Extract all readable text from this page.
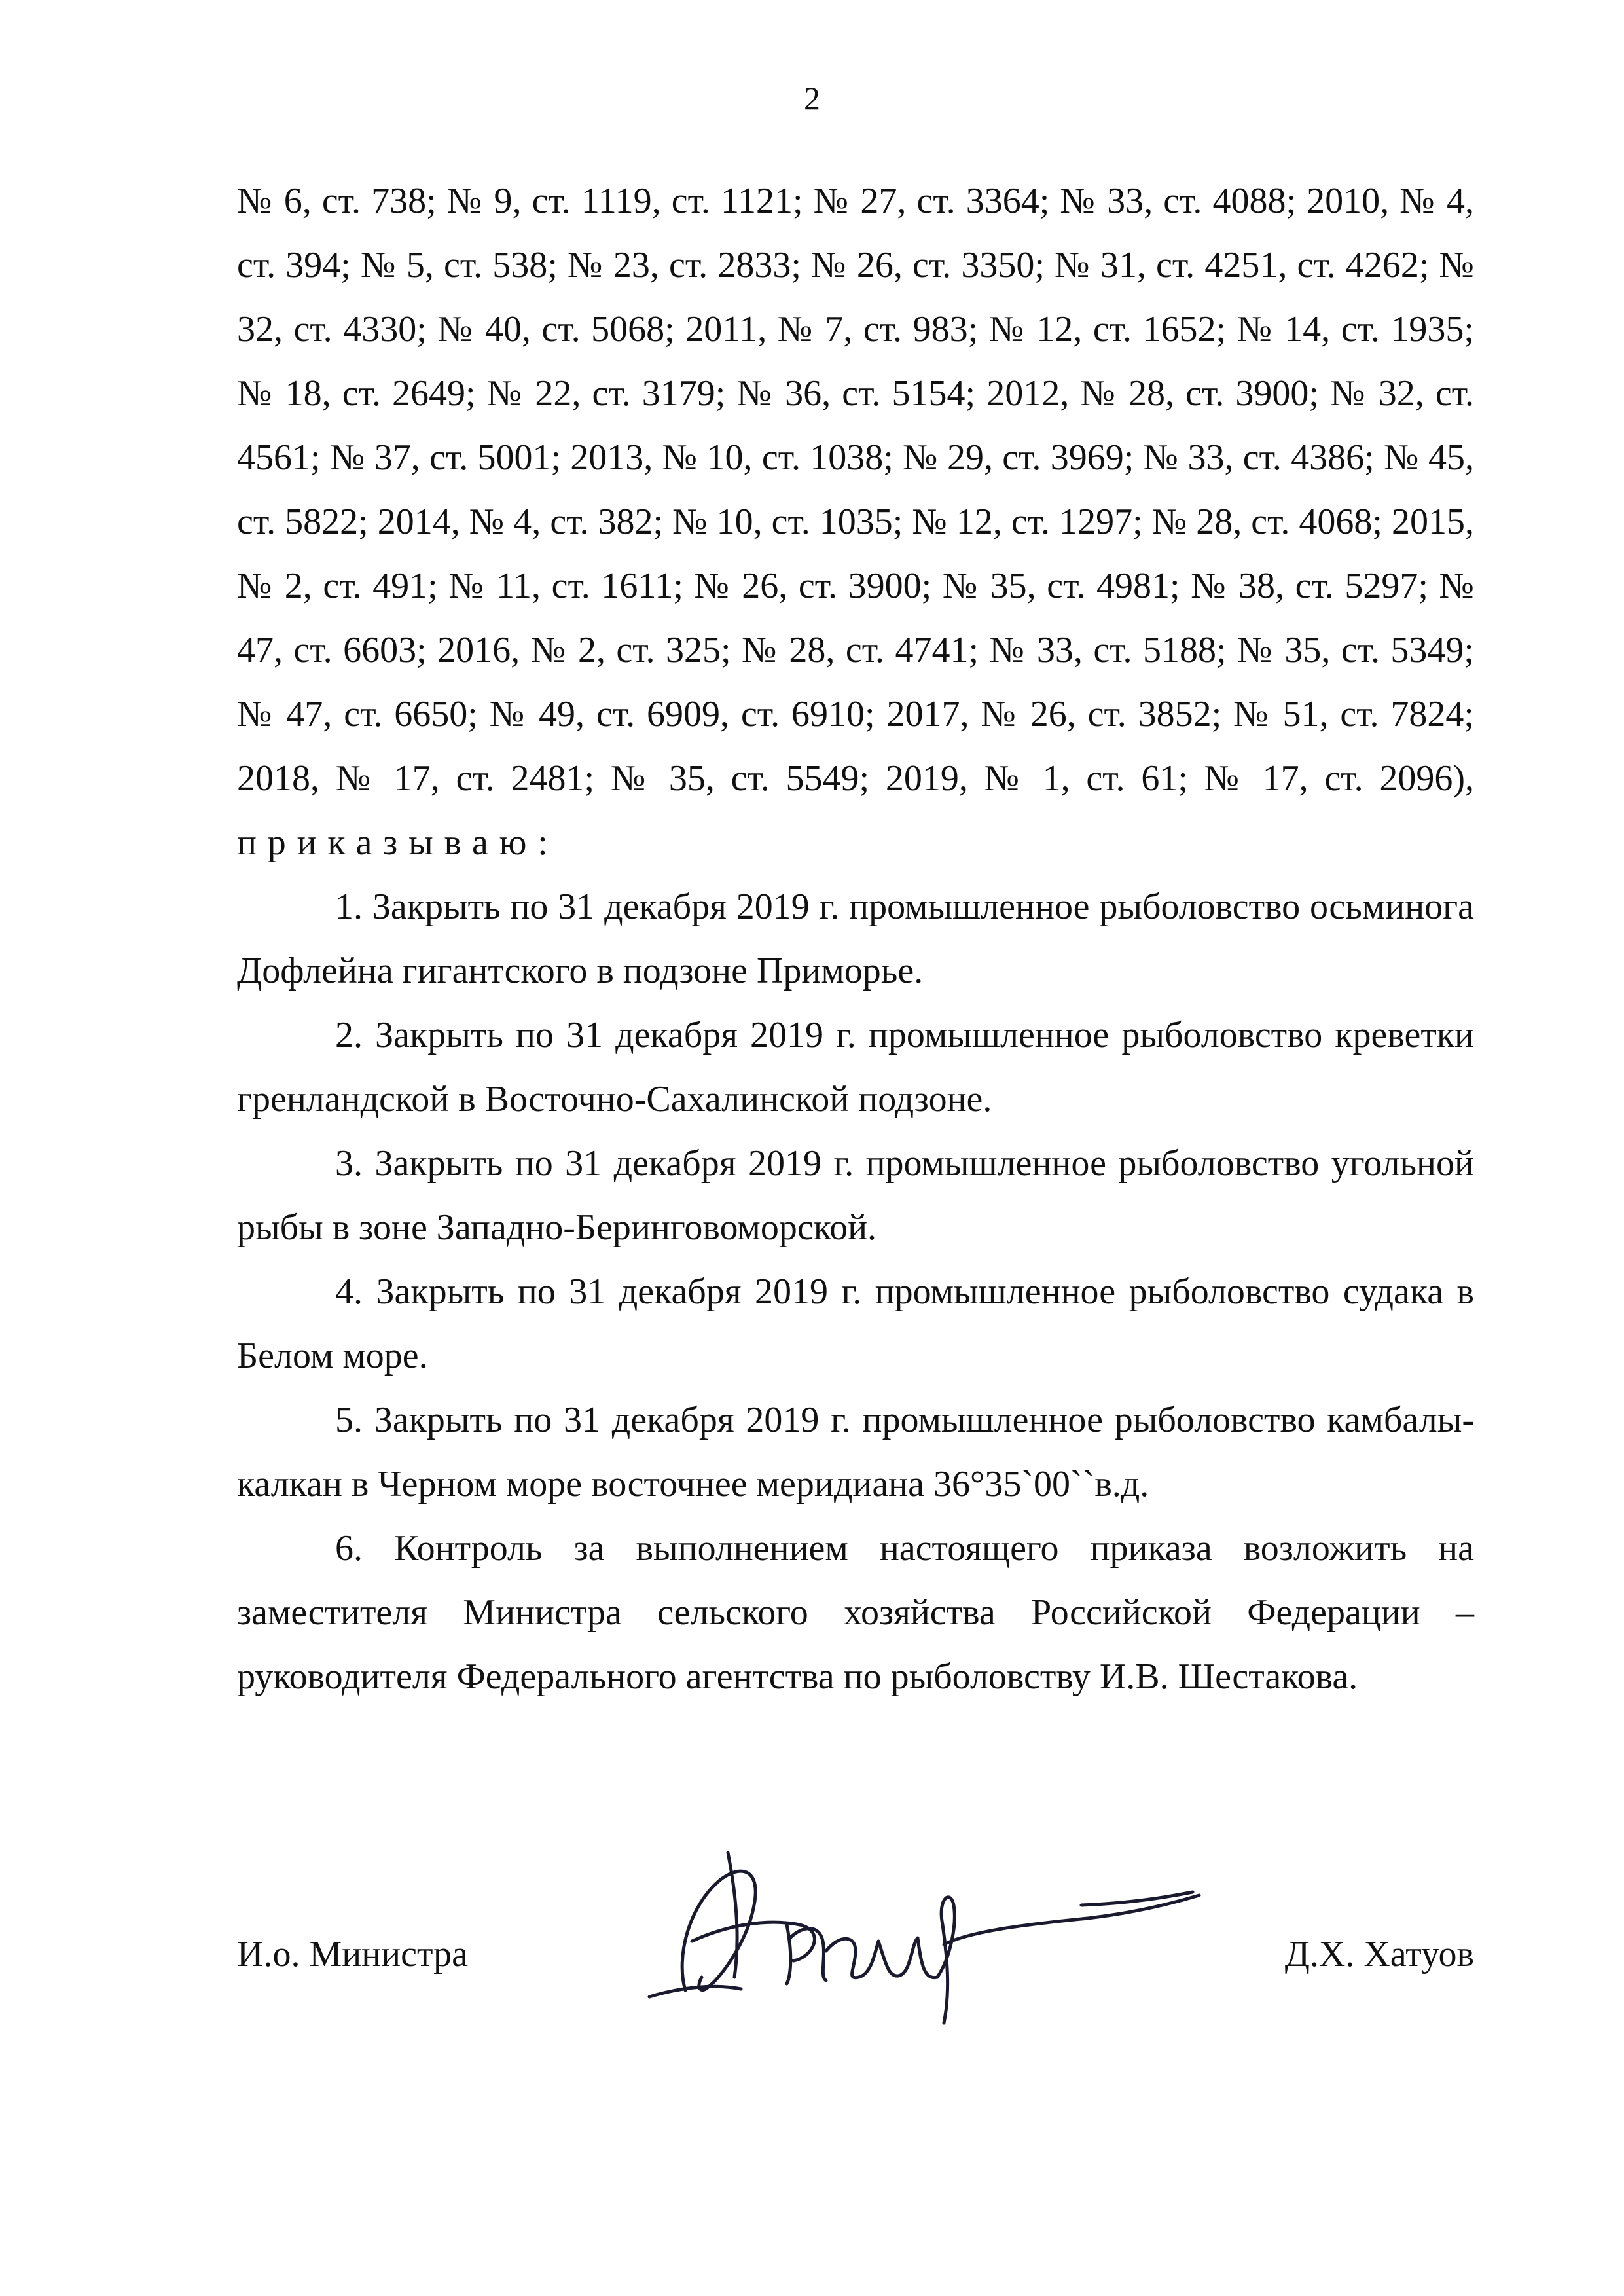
2

№ 6, ст. 738; № 9, ст. 1119, ст. 1121; № 27, ст. 3364; № 33, ст. 4088; 2010, № 4, ст. 394; № 5, ст. 538; № 23, ст. 2833; № 26, ст. 3350; № 31, ст. 4251, ст. 4262; № 32, ст. 4330; № 40, ст. 5068; 2011, № 7, ст. 983; № 12, ст. 1652; № 14, ст. 1935; № 18, ст. 2649; № 22, ст. 3179; № 36, ст. 5154; 2012, № 28, ст. 3900; № 32, ст. 4561; № 37, ст. 5001; 2013, № 10, ст. 1038; № 29, ст. 3969; № 33, ст. 4386; № 45, ст. 5822; 2014, № 4, ст. 382; № 10, ст. 1035; № 12, ст. 1297; № 28, ст. 4068; 2015, № 2, ст. 491; № 11, ст. 1611; № 26, ст. 3900; № 35, ст. 4981; № 38, ст. 5297; № 47, ст. 6603; 2016, № 2, ст. 325; № 28, ст. 4741; № 33, ст. 5188; № 35, ст. 5349; № 47, ст. 6650; № 49, ст. 6909, ст. 6910; 2017, № 26, ст. 3852; № 51, ст. 7824; 2018, № 17, ст. 2481; № 35, ст. 5549; 2019, № 1, ст. 61; № 17, ст. 2096), приказываю:

1. Закрыть по 31 декабря 2019 г. промышленное рыболовство осьминога Дофлейна гигантского в подзоне Приморье.

2. Закрыть по 31 декабря 2019 г. промышленное рыболовство креветки гренландской в Восточно-Сахалинской подзоне.

3. Закрыть по 31 декабря 2019 г. промышленное рыболовство угольной рыбы в зоне Западно-Беринговоморской.

4. Закрыть по 31 декабря 2019 г. промышленное рыболовство судака в Белом море.

5. Закрыть по 31 декабря 2019 г. промышленное рыболовство камбалы-калкан в Черном море восточнее меридиана 36°35`00``в.д.

6. Контроль за выполнением настоящего приказа возложить на заместителя Министра сельского хозяйства Российской Федерации – руководителя Федерального агентства по рыболовству И.В. Шестакова.

И.о. Министра	Д.Х. Хатуов
